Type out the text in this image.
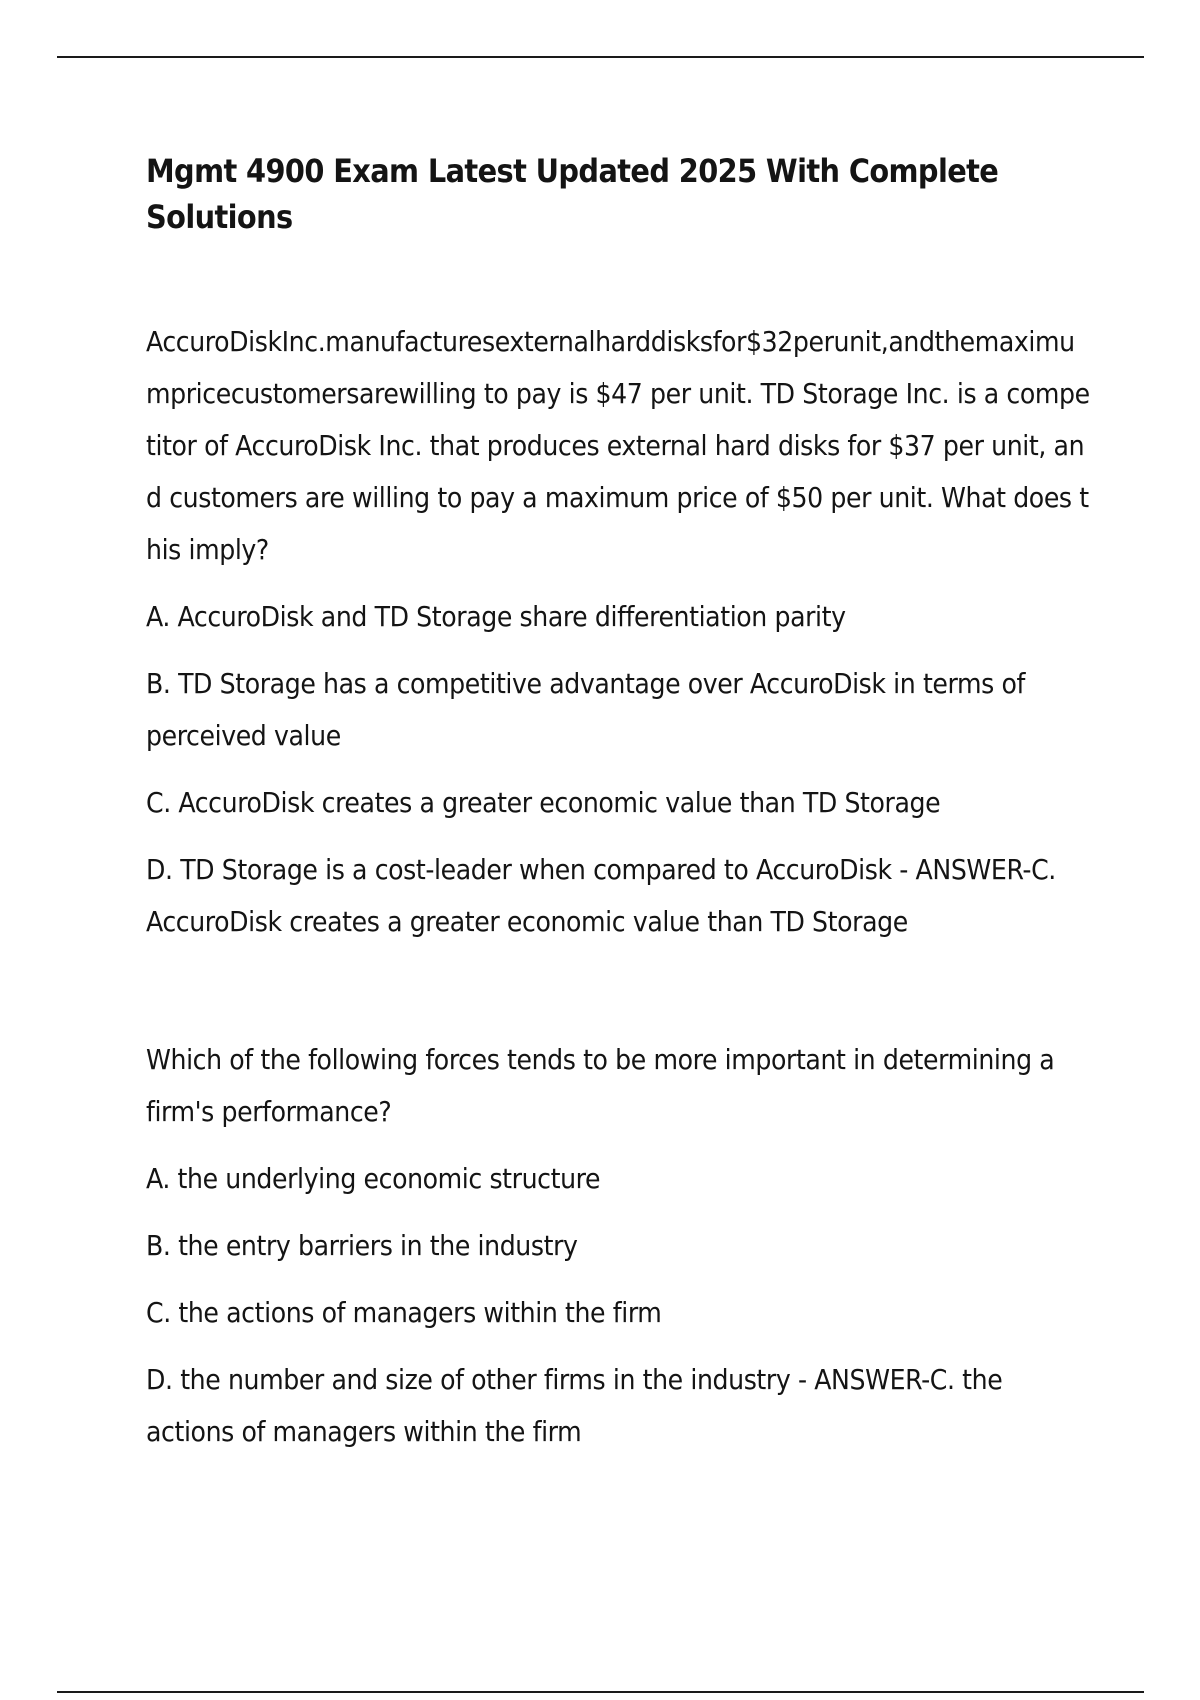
Mgmt 4900 Exam Latest Updated 2025 With Complete Solutions

AccuroDiskInc.manufacturesexternalharddisksfor$32perunit,andthemaximumpricecustomersarewilling to pay is $47 per unit. TD Storage Inc. is a competitor of AccuroDisk Inc. that produces external hard disks for $37 per unit, and customers are willing to pay a maximum price of $50 per unit. What does this imply?

A. AccuroDisk and TD Storage share differentiation parity

B. TD Storage has a competitive advantage over AccuroDisk in terms of perceived value

C. AccuroDisk creates a greater economic value than TD Storage

D. TD Storage is a cost-leader when compared to AccuroDisk - ANSWER-C. AccuroDisk creates a greater economic value than TD Storage

Which of the following forces tends to be more important in determining a firm's performance?

A. the underlying economic structure

B. the entry barriers in the industry

C. the actions of managers within the firm

D. the number and size of other firms in the industry - ANSWER-C. the actions of managers within the firm
